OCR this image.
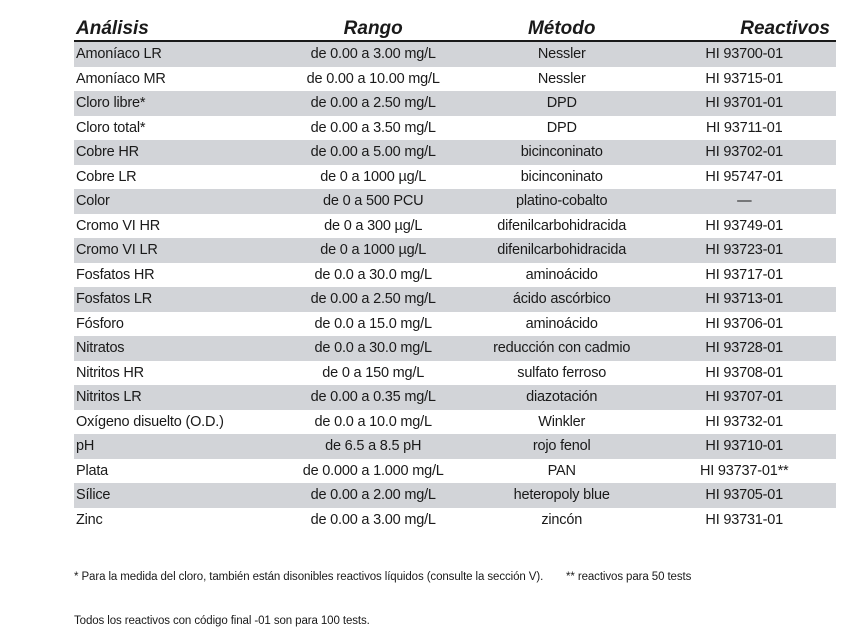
Análisis	Rango	Método	Reactivos
Amoníaco LR	de 0.00 a 3.00 mg/L	Nessler	HI 93700-01
Amoníaco MR	de 0.00 a 10.00 mg/L	Nessler	HI 93715-01
Cloro libre*	de 0.00 a 2.50 mg/L	DPD	HI 93701-01
Cloro total*	de 0.00 a 3.50 mg/L	DPD	HI 93711-01
Cobre HR	de 0.00 a 5.00 mg/L	bicinconinato	HI 93702-01
Cobre LR	de 0 a 1000 µg/L	bicinconinato	HI 95747-01
Color	de 0 a 500 PCU	platino-cobalto	—
Cromo VI HR	de 0 a 300 µg/L	difenilcarbohidracida	HI 93749-01
Cromo VI LR	de 0 a 1000 µg/L	difenilcarbohidracida	HI 93723-01
Fosfatos HR	de 0.0 a 30.0 mg/L	aminoácido	HI 93717-01
Fosfatos LR	de 0.00 a 2.50 mg/L	ácido ascórbico	HI 93713-01
Fósforo	de 0.0 a 15.0 mg/L	aminoácido	HI 93706-01
Nitratos	de 0.0 a 30.0 mg/L	reducción con cadmio	HI 93728-01
Nitritos HR	de 0 a 150 mg/L	sulfato ferroso	HI 93708-01
Nitritos LR	de 0.00 a 0.35 mg/L	diazotación	HI 93707-01
Oxígeno disuelto (O.D.)	de 0.0 a 10.0 mg/L	Winkler	HI 93732-01
pH	de 6.5 a 8.5 pH	rojo fenol	HI 93710-01
Plata	de 0.000 a 1.000 mg/L	PAN	HI 93737-01**
Sílice	de 0.00 a 2.00 mg/L	heteropoly blue	HI 93705-01
Zinc	de 0.00 a 3.00 mg/L	zincón	HI 93731-01
* Para la medida del cloro, también están disonibles reactivos líquidos (consulte la sección V). ** reactivos para 50 tests
Todos los reactivos con código final -01 son para 100 tests.
